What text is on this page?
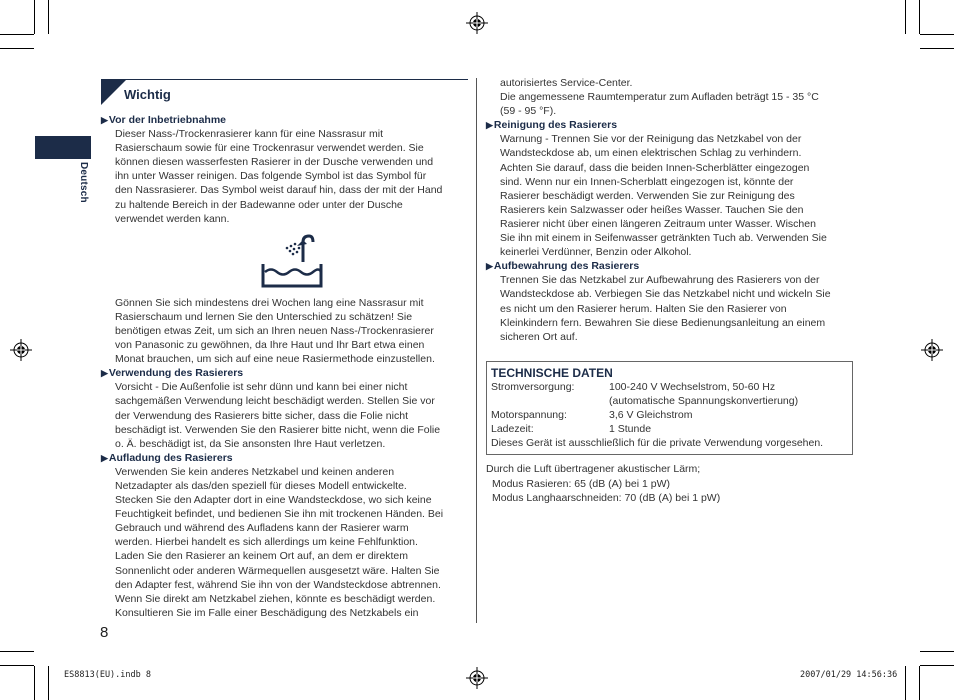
Deutsch
Wichtig
▶Vor der Inbetriebnahme
Dieser Nass-/Trockenrasierer kann für eine Nassrasur mit
Rasierschaum sowie für eine Trockenrasur verwendet werden. Sie
können diesen wasserfesten Rasierer in der Dusche verwenden und
ihn unter Wasser reinigen. Das folgende Symbol ist das Symbol für
den Nassrasierer. Das Symbol weist darauf hin, dass der mit der Hand
zu haltende Bereich in der Badewanne oder unter der Dusche
verwendet werden kann.
Gönnen Sie sich mindestens drei Wochen lang eine Nassrasur mit
Rasierschaum und lernen Sie den Unterschied zu schätzen! Sie
benötigen etwas Zeit, um sich an Ihren neuen Nass-/Trockenrasierer
von Panasonic zu gewöhnen, da Ihre Haut und Ihr Bart etwa einen
Monat brauchen, um sich auf eine neue Rasiermethode einzustellen.
▶Verwendung des Rasierers
Vorsicht - Die Außenfolie ist sehr dünn und kann bei einer nicht
sachgemäßen Verwendung leicht beschädigt werden. Stellen Sie vor
der Verwendung des Rasierers bitte sicher, dass die Folie nicht
beschädigt ist. Verwenden Sie den Rasierer bitte nicht, wenn die Folie
o. Ä. beschädigt ist, da Sie ansonsten Ihre Haut verletzen.
▶Aufladung des Rasierers
Verwenden Sie kein anderes Netzkabel und keinen anderen
Netzadapter als das/den speziell für dieses Modell entwickelte.
Stecken Sie den Adapter dort in eine Wandsteckdose, wo sich keine
Feuchtigkeit befindet, und bedienen Sie ihn mit trockenen Händen. Bei
Gebrauch und während des Aufladens kann der Rasierer warm
werden. Hierbei handelt es sich allerdings um keine Fehlfunktion.
Laden Sie den Rasierer an keinem Ort auf, an dem er direktem
Sonnenlicht oder anderen Wärmequellen ausgesetzt wäre. Halten Sie
den Adapter fest, während Sie ihn von der Wandsteckdose abtrennen.
Wenn Sie direkt am Netzkabel ziehen, könnte es beschädigt werden.
Konsultieren Sie im Falle einer Beschädigung des Netzkabels ein
autorisiertes Service-Center.
Die angemessene Raumtemperatur zum Aufladen beträgt 15 - 35 °C
(59 - 95 °F).
▶Reinigung des Rasierers
Warnung - Trennen Sie vor der Reinigung das Netzkabel von der
Wandsteckdose ab, um einen elektrischen Schlag zu verhindern.
Achten Sie darauf, dass die beiden Innen-Scherblätter eingezogen
sind. Wenn nur ein Innen-Scherblatt eingezogen ist, könnte der
Rasierer beschädigt werden. Verwenden Sie zur Reinigung des
Rasierers kein Salzwasser oder heißes Wasser. Tauchen Sie den
Rasierer nicht über einen längeren Zeitraum unter Wasser. Wischen
Sie ihn mit einem in Seifenwasser getränkten Tuch ab. Verwenden Sie
keinerlei Verdünner, Benzin oder Alkohol.
▶Aufbewahrung des Rasierers
Trennen Sie das Netzkabel zur Aufbewahrung des Rasierers von der
Wandsteckdose ab. Verbiegen Sie das Netzkabel nicht und wickeln Sie
es nicht um den Rasierer herum. Halten Sie den Rasierer von
Kleinkindern fern. Bewahren Sie diese Bedienungsanleitung an einem
sicheren Ort auf.
TECHNISCHE DATEN
Stromversorgung:	100-240 V Wechselstrom, 50-60 Hz
(automatische Spannungskonvertierung)
Motorspannung:	3,6 V Gleichstrom
Ladezeit:	1 Stunde
Dieses Gerät ist ausschließlich für die private Verwendung vorgesehen.
Durch die Luft übertragener akustischer Lärm;
Modus Rasieren: 65 (dB (A) bei 1 pW)
Modus Langhaarschneiden: 70 (dB (A) bei 1 pW)
8
ES8813(EU).indb 8	2007/01/29 14:56:36
